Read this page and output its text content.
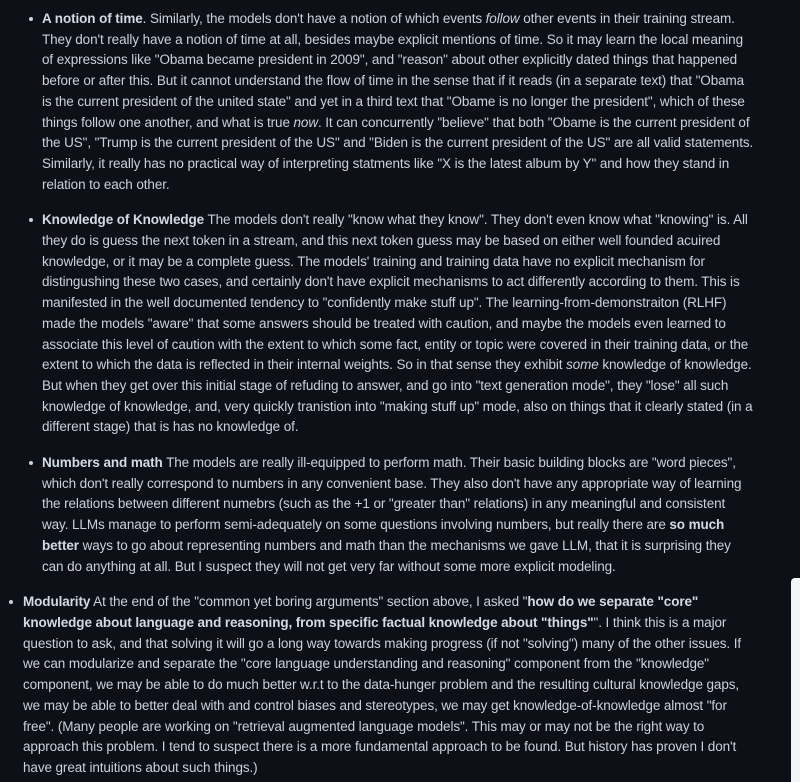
A notion of time. Similarly, the models don't have a notion of which events follow other events in their training stream. They don't really have a notion of time at all, besides maybe explicit mentions of time. So it may learn the local meaning of expressions like "Obama became president in 2009", and "reason" about other explicitly dated things that happened before or after this. But it cannot understand the flow of time in the sense that if it reads (in a separate text) that "Obama is the current president of the united state" and yet in a third text that "Obame is no longer the president", which of these things follow one another, and what is true now. It can concurrently "believe" that both "Obame is the current president of the US", "Trump is the current president of the US" and "Biden is the current president of the US" are all valid statements. Similarly, it really has no practical way of interpreting statments like "X is the latest album by Y" and how they stand in relation to each other.

Knowledge of Knowledge The models don't really "know what they know". They don't even know what "knowing" is. All they do is guess the next token in a stream, and this next token guess may be based on either well founded acuired knowledge, or it may be a complete guess. The models' training and training data have no explicit mechanism for distingushing these two cases, and certainly don't have explicit mechanisms to act differently according to them. This is manifested in the well documented tendency to "confidently make stuff up". The learning-from-demonstraiton (RLHF) made the models "aware" that some answers should be treated with caution, and maybe the models even learned to associate this level of caution with the extent to which some fact, entity or topic were covered in their training data, or the extent to which the data is reflected in their internal weights. So in that sense they exhibit some knowledge of knowledge. But when they get over this initial stage of refuding to answer, and go into "text generation mode", they "lose" all such knowledge of knowledge, and, very quickly tranistion into "making stuff up" mode, also on things that it clearly stated (in a different stage) that is has no knowledge of.

Numbers and math The models are really ill-equipped to perform math. Their basic building blocks are "word pieces", which don't really correspond to numbers in any convenient base. They also don't have any appropriate way of learning the relations between different numebrs (such as the +1 or "greater than" relations) in any meaningful and consistent way. LLMs manage to perform semi-adequately on some questions involving numbers, but really there are so much better ways to go about representing numbers and math than the mechanisms we gave LLM, that it is surprising they can do anything at all. But I suspect they will not get very far without some more explicit modeling.

Modularity At the end of the "common yet boring arguments" section above, I asked "how do we separate "core" knowledge about language and reasoning, from specific factual knowledge about "things"". I think this is a major question to ask, and that solving it will go a long way towards making progress (if not "solving") many of the other issues. If we can modularize and separate the "core language understanding and reasoning" component from the "knowledge" component, we may be able to do much better w.r.t to the data-hunger problem and the resulting cultural knowledge gaps, we may be able to better deal with and control biases and stereotypes, we may get knowledge-of-knowledge almost "for free". (Many people are working on "retrieval augmented language models". This may or may not be the right way to approach this problem. I tend to suspect there is a more fundamental approach to be found. But history has proven I don't have great intuitions about such things.)
